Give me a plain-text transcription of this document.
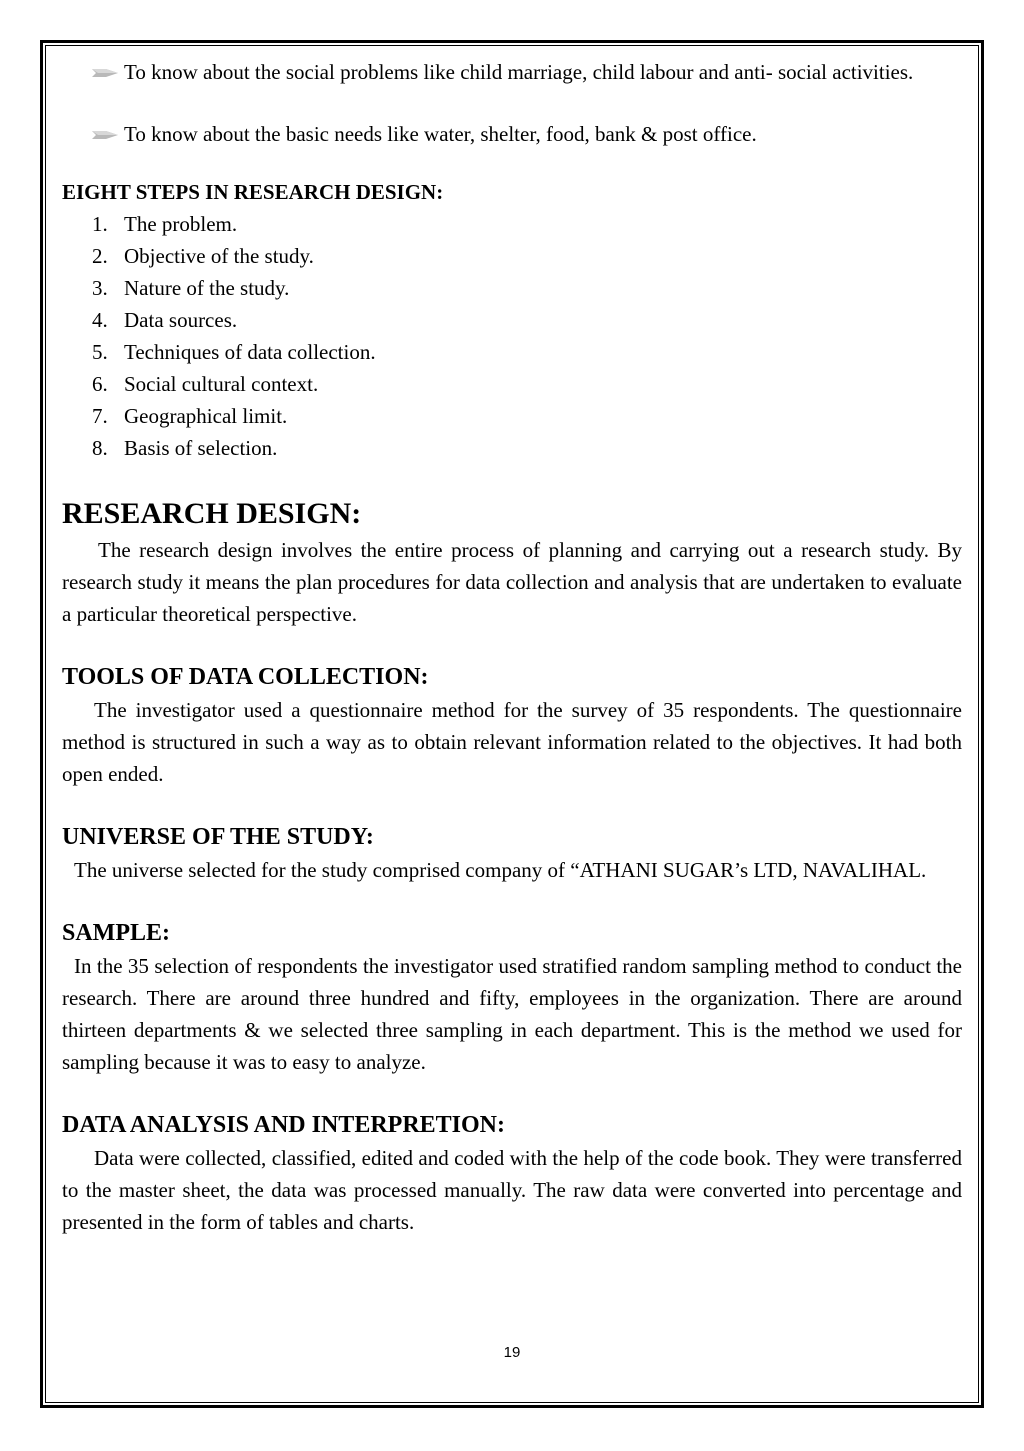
To know about the social problems like child marriage, child labour and anti- social activities.

To know about the basic needs like water, shelter, food, bank & post office.

EIGHT STEPS IN RESEARCH DESIGN:
1. The problem.
2. Objective of the study.
3. Nature of the study.
4. Data sources.
5. Techniques of data collection.
6. Social cultural context.
7. Geographical limit.
8. Basis of selection.
RESEARCH DESIGN:

The research design involves the entire process of planning and carrying out a research study. By research study it means the plan procedures for data collection and analysis that are undertaken to evaluate a particular theoretical perspective.

TOOLS OF DATA COLLECTION:

The investigator used a questionnaire method for the survey of 35 respondents. The questionnaire method is structured in such a way as to obtain relevant information related to the objectives. It had both open ended.

UNIVERSE OF THE STUDY:

The universe selected for the study comprised company of “ATHANI SUGAR’s LTD, NAVALIHAL.

SAMPLE:

In the 35 selection of respondents the investigator used stratified random sampling method to conduct the research. There are around three hundred and fifty, employees in the organization. There are around thirteen departments & we selected three sampling in each department. This is the method we used for sampling because it was to easy to analyze.

DATA ANALYSIS AND INTERPRETION:

Data were collected, classified, edited and coded with the help of the code book. They were transferred to the master sheet, the data was processed manually. The raw data were converted into percentage and presented in the form of tables and charts.

19
